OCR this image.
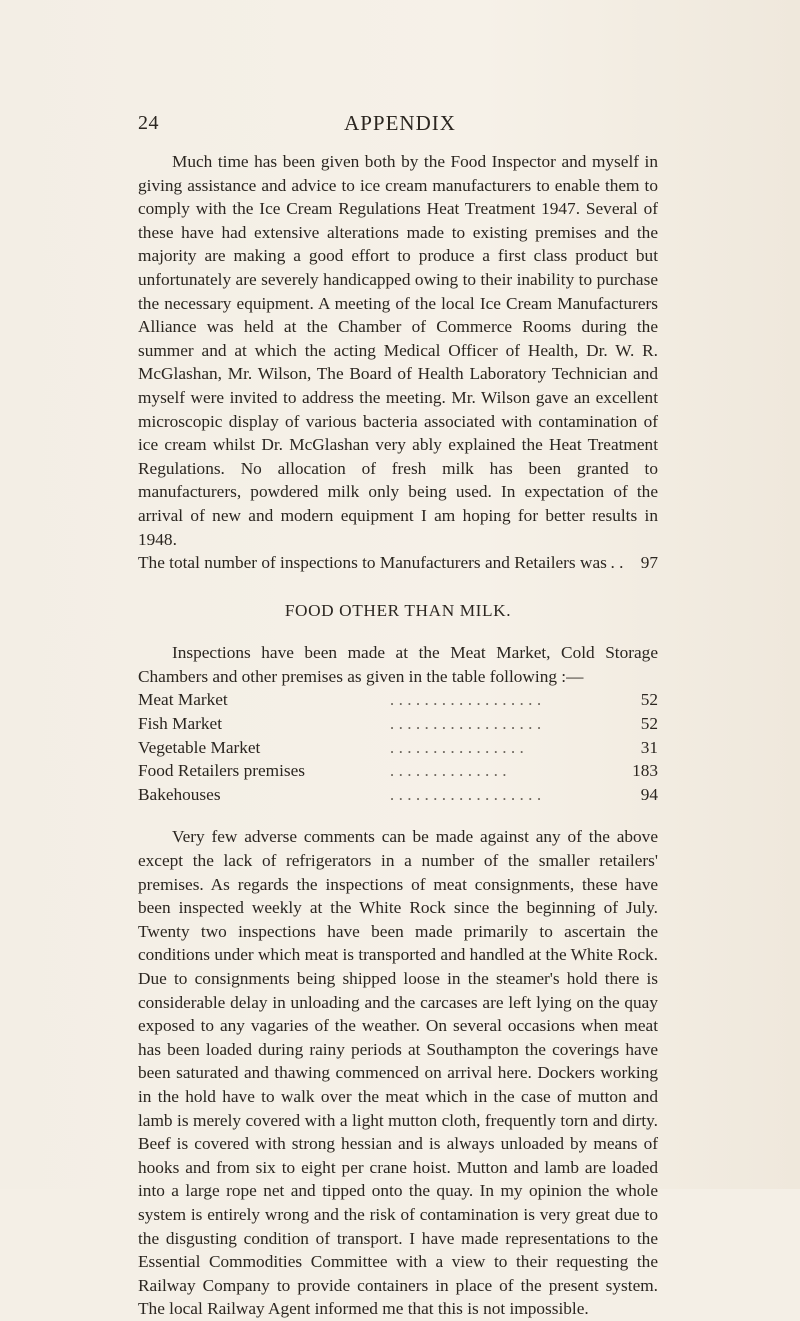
24	APPENDIX

Much time has been given both by the Food Inspector and myself in giving assistance and advice to ice cream manufacturers to enable them to comply with the Ice Cream Regulations Heat Treatment 1947. Several of these have had extensive alterations made to existing premises and the majority are making a good effort to produce a first class product but unfortunately are severely handicapped owing to their inability to purchase the necessary equipment. A meeting of the local Ice Cream Manufacturers Alliance was held at the Chamber of Commerce Rooms during the summer and at which the acting Medical Officer of Health, Dr. W. R. McGlashan, Mr. Wilson, The Board of Health Laboratory Technician and myself were invited to address the meeting. Mr. Wilson gave an excellent microscopic display of various bacteria associated with contamination of ice cream whilst Dr. McGlashan very ably explained the Heat Treatment Regulations. No allocation of fresh milk has been granted to manufacturers, powdered milk only being used. In expectation of the arrival of new and modern equipment I am hoping for better results in 1948.

The total number of inspections to Manufacturers and Retailers was . . 97
FOOD OTHER THAN MILK.

Inspections have been made at the Meat Market, Cold Storage Chambers and other premises as given in the table following :—

Meat Market	. . . . . . . . . . . . . . . . . .	52
Fish Market	. . . . . . . . . . . . . . . . . .	52
Vegetable Market	. . . . . . . . . . . . . . . .	31
Food Retailers premises	. . . . . . . . . . . . . .	183
Bakehouses	. . . . . . . . . . . . . . . . . .	94

Very few adverse comments can be made against any of the above except the lack of refrigerators in a number of the smaller retailers' premises. As regards the inspections of meat consignments, these have been inspected weekly at the White Rock since the beginning of July. Twenty two inspections have been made primarily to ascertain the conditions under which meat is transported and handled at the White Rock. Due to consignments being shipped loose in the steamer's hold there is considerable delay in unloading and the carcases are left lying on the quay exposed to any vagaries of the weather. On several occasions when meat has been loaded during rainy periods at Southampton the coverings have been saturated and thawing commenced on arrival here. Dockers working in the hold have to walk over the meat which in the case of mutton and lamb is merely covered with a light mutton cloth, frequently torn and dirty. Beef is covered with strong hessian and is always unloaded by means of hooks and from six to eight per crane hoist. Mutton and lamb are loaded into a large rope net and tipped onto the quay. In my opinion the whole system is entirely wrong and the risk of contamination is very great due to the disgusting condition of transport. I have made representations to the Essential Commodities Committee with a view to their requesting the Railway Company to provide containers in place of the present system. The local Railway Agent informed me that this is not impossible.
